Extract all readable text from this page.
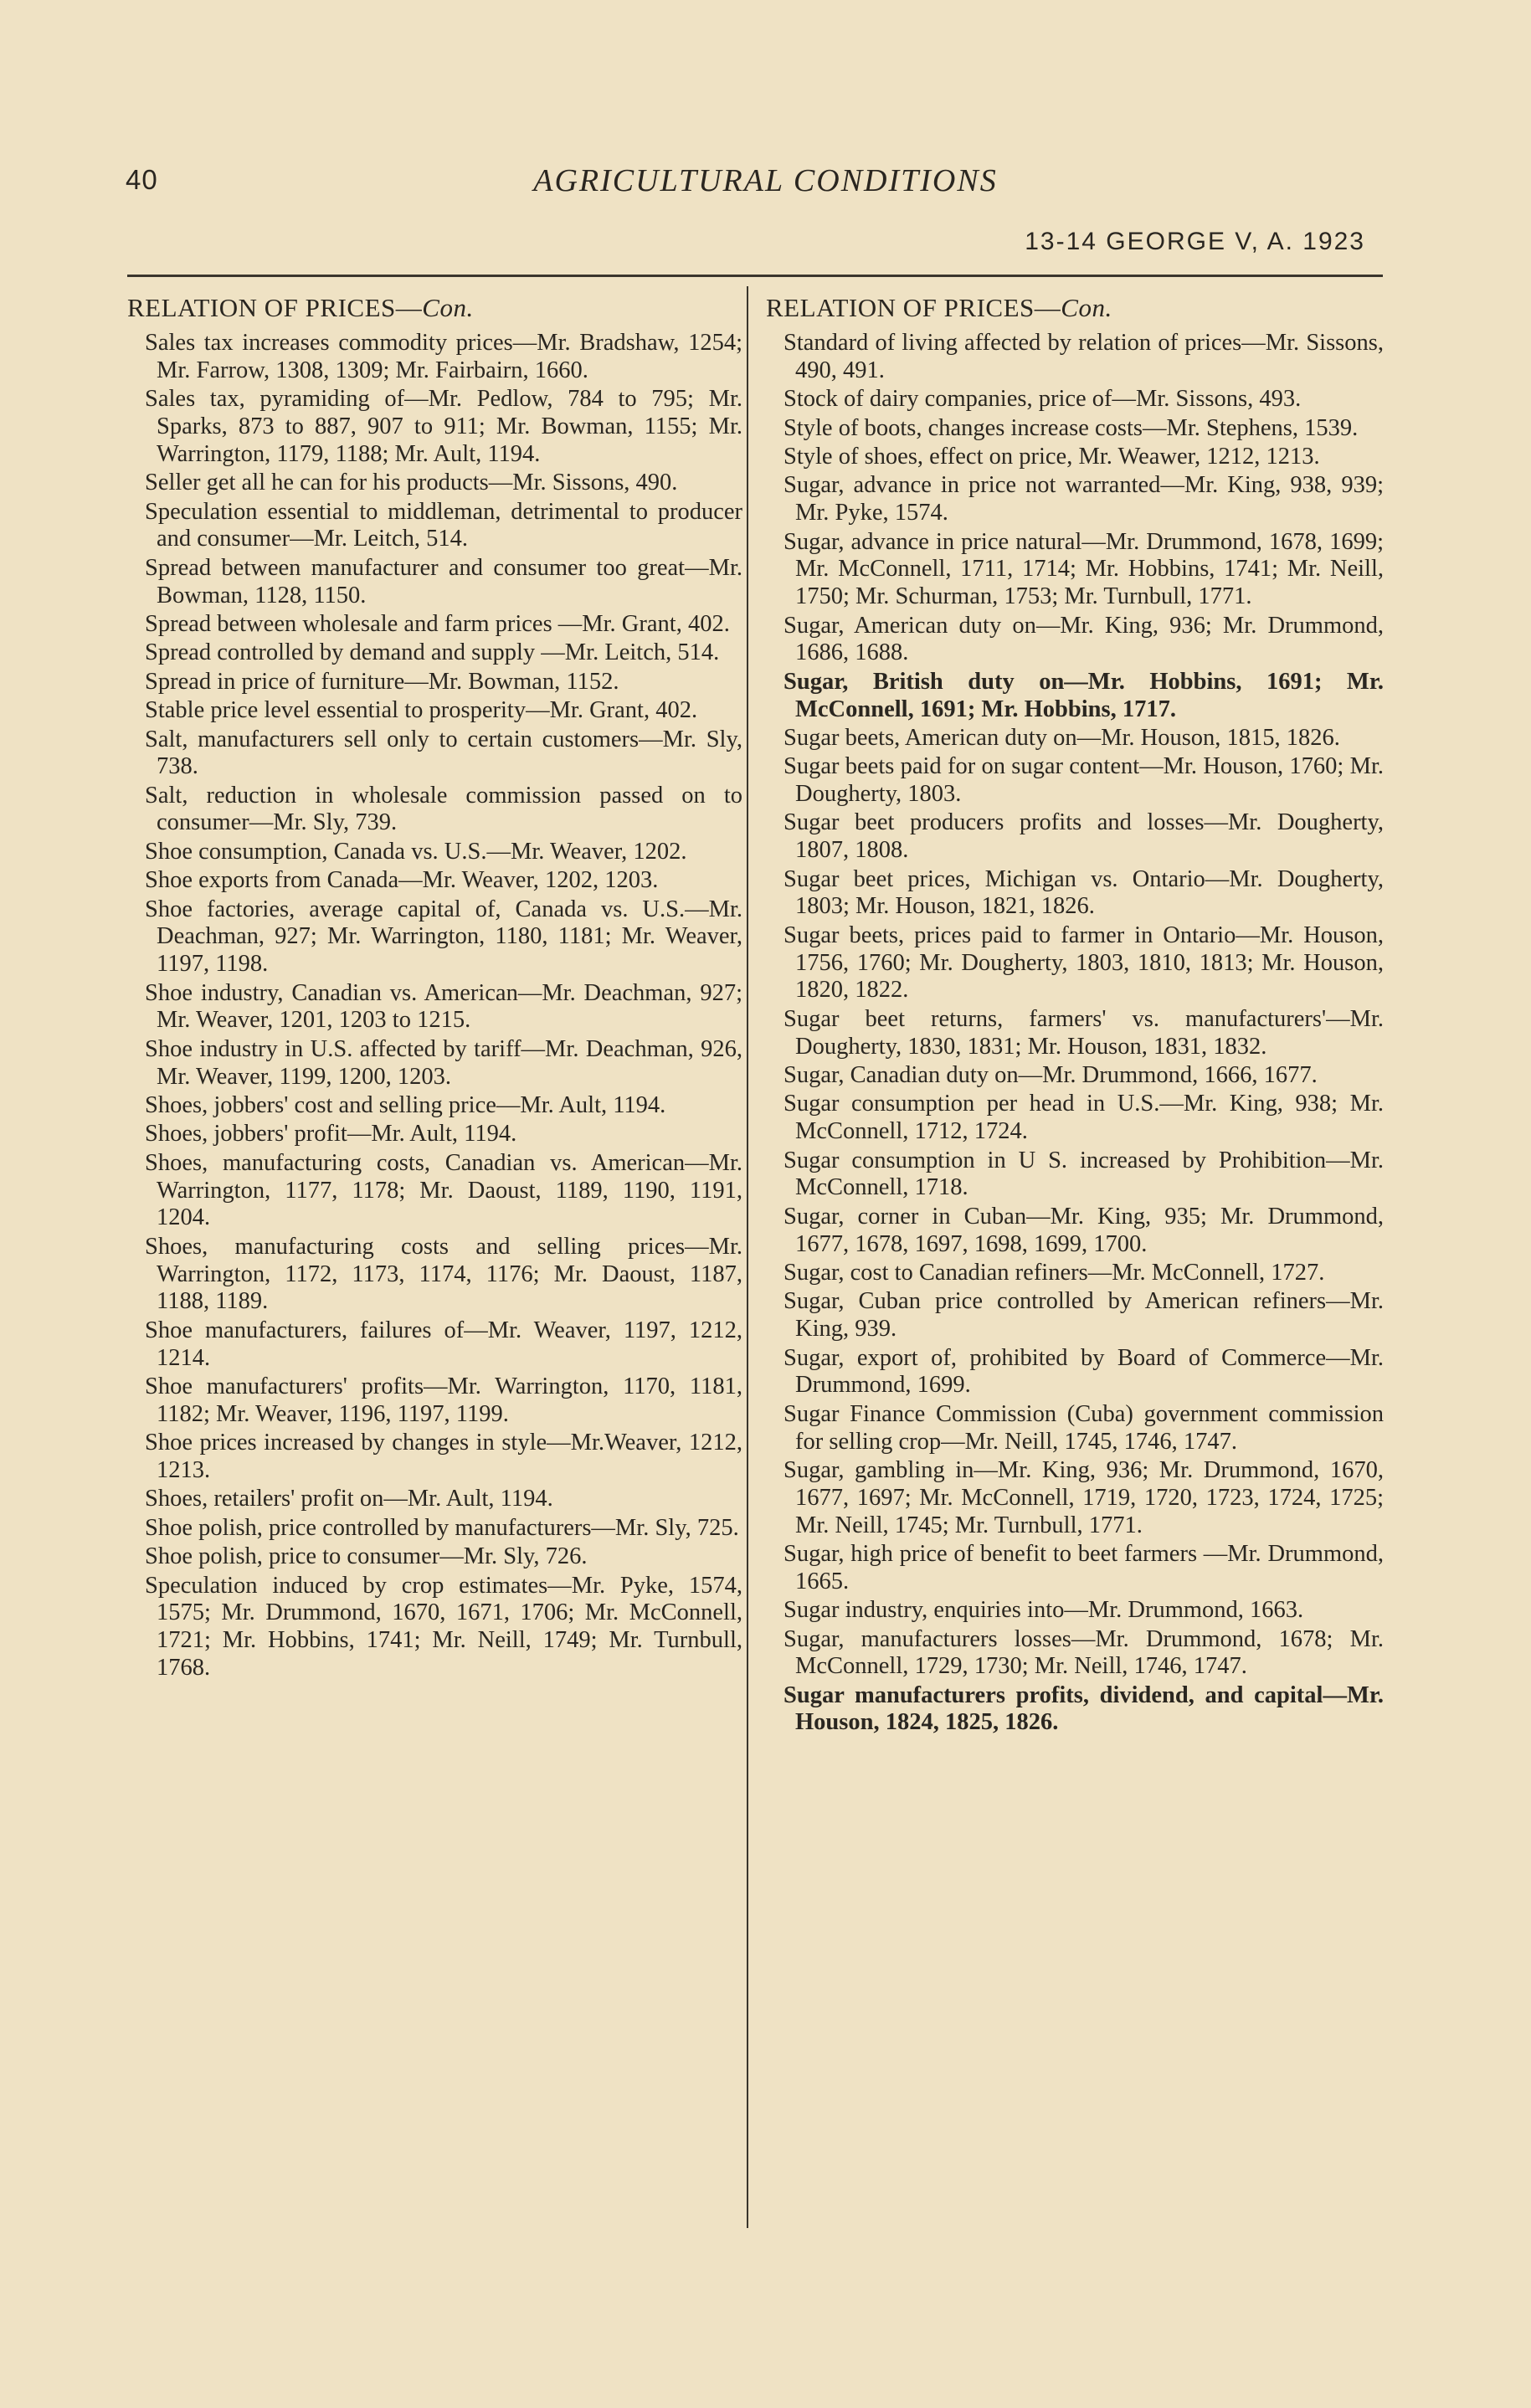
40	AGRICULTURAL CONDITIONS
13-14 GEORGE V, A. 1923
RELATION OF PRICES—Con.
Sales tax increases commodity prices—Mr. Bradshaw, 1254; Mr. Farrow, 1308, 1309; Mr. Fairbairn, 1660.
Sales tax, pyramiding of—Mr. Pedlow, 784 to 795; Mr. Sparks, 873 to 887, 907 to 911; Mr. Bowman, 1155; Mr. Warrington, 1179, 1188; Mr. Ault, 1194.
Seller get all he can for his products—Mr. Sissons, 490.
Speculation essential to middleman, detrimental to producer and consumer—Mr. Leitch, 514.
Spread between manufacturer and consumer too great—Mr. Bowman, 1128, 1150.
Spread between wholesale and farm prices —Mr. Grant, 402.
Spread controlled by demand and supply —Mr. Leitch, 514.
Spread in price of furniture—Mr. Bowman, 1152.
Stable price level essential to prosperity—Mr. Grant, 402.
Salt, manufacturers sell only to certain customers—Mr. Sly, 738.
Salt, reduction in wholesale commission passed on to consumer—Mr. Sly, 739.
Shoe consumption, Canada vs. U.S.—Mr. Weaver, 1202.
Shoe exports from Canada—Mr. Weaver, 1202, 1203.
Shoe factories, average capital of, Canada vs. U.S.—Mr. Deachman, 927; Mr. Warrington, 1180, 1181; Mr. Weaver, 1197, 1198.
Shoe industry, Canadian vs. American—Mr. Deachman, 927; Mr. Weaver, 1201, 1203 to 1215.
Shoe industry in U.S. affected by tariff—Mr. Deachman, 926, Mr. Weaver, 1199, 1200, 1203.
Shoes, jobbers' cost and selling price—Mr. Ault, 1194.
Shoes, jobbers' profit—Mr. Ault, 1194.
Shoes, manufacturing costs, Canadian vs. American—Mr. Warrington, 1177, 1178; Mr. Daoust, 1189, 1190, 1191, 1204.
Shoes, manufacturing costs and selling prices—Mr. Warrington, 1172, 1173, 1174, 1176; Mr. Daoust, 1187, 1188, 1189.
Shoe manufacturers, failures of—Mr. Weaver, 1197, 1212, 1214.
Shoe manufacturers' profits—Mr. Warrington, 1170, 1181, 1182; Mr. Weaver, 1196, 1197, 1199.
Shoe prices increased by changes in style—Mr.Weaver, 1212, 1213.
Shoes, retailers' profit on—Mr. Ault, 1194.
Shoe polish, price controlled by manufacturers—Mr. Sly, 725.
Shoe polish, price to consumer—Mr. Sly, 726.
Speculation induced by crop estimates—Mr. Pyke, 1574, 1575; Mr. Drummond, 1670, 1671, 1706; Mr. McConnell, 1721; Mr. Hobbins, 1741; Mr. Neill, 1749; Mr. Turnbull, 1768.
RELATION OF PRICES—Con.
Standard of living affected by relation of prices—Mr. Sissons, 490, 491.
Stock of dairy companies, price of—Mr. Sissons, 493.
Style of boots, changes increase costs—Mr. Stephens, 1539.
Style of shoes, effect on price, Mr. Weawer, 1212, 1213.
Sugar, advance in price not warranted—Mr. King, 938, 939; Mr. Pyke, 1574.
Sugar, advance in price natural—Mr. Drummond, 1678, 1699; Mr. McConnell, 1711, 1714; Mr. Hobbins, 1741; Mr. Neill, 1750; Mr. Schurman, 1753; Mr. Turnbull, 1771.
Sugar, American duty on—Mr. King, 936; Mr. Drummond, 1686, 1688.
Sugar, British duty on—Mr. Hobbins, 1691; Mr. McConnell, 1691; Mr. Hobbins, 1717.
Sugar beets, American duty on—Mr. Houson, 1815, 1826.
Sugar beets paid for on sugar content—Mr. Houson, 1760; Mr. Dougherty, 1803.
Sugar beet producers profits and losses—Mr. Dougherty, 1807, 1808.
Sugar beet prices, Michigan vs. Ontario—Mr. Dougherty, 1803; Mr. Houson, 1821, 1826.
Sugar beets, prices paid to farmer in Ontario—Mr. Houson, 1756, 1760; Mr. Dougherty, 1803, 1810, 1813; Mr. Houson, 1820, 1822.
Sugar beet returns, farmers' vs. manufacturers'—Mr. Dougherty, 1830, 1831; Mr. Houson, 1831, 1832.
Sugar, Canadian duty on—Mr. Drummond, 1666, 1677.
Sugar consumption per head in U.S.—Mr. King, 938; Mr. McConnell, 1712, 1724.
Sugar consumption in U S. increased by Prohibition—Mr. McConnell, 1718.
Sugar, corner in Cuban—Mr. King, 935; Mr. Drummond, 1677, 1678, 1697, 1698, 1699, 1700.
Sugar, cost to Canadian refiners—Mr. McConnell, 1727.
Sugar, Cuban price controlled by American refiners—Mr. King, 939.
Sugar, export of, prohibited by Board of Commerce—Mr. Drummond, 1699.
Sugar Finance Commission (Cuba) government commission for selling crop—Mr. Neill, 1745, 1746, 1747.
Sugar, gambling in—Mr. King, 936; Mr. Drummond, 1670, 1677, 1697; Mr. McConnell, 1719, 1720, 1723, 1724, 1725; Mr. Neill, 1745; Mr. Turnbull, 1771.
Sugar, high price of benefit to beet farmers —Mr. Drummond, 1665.
Sugar industry, enquiries into—Mr. Drummond, 1663.
Sugar, manufacturers losses—Mr. Drummond, 1678; Mr. McConnell, 1729, 1730; Mr. Neill, 1746, 1747.
Sugar manufacturers profits, dividend, and capital—Mr. Houson, 1824, 1825, 1826.
